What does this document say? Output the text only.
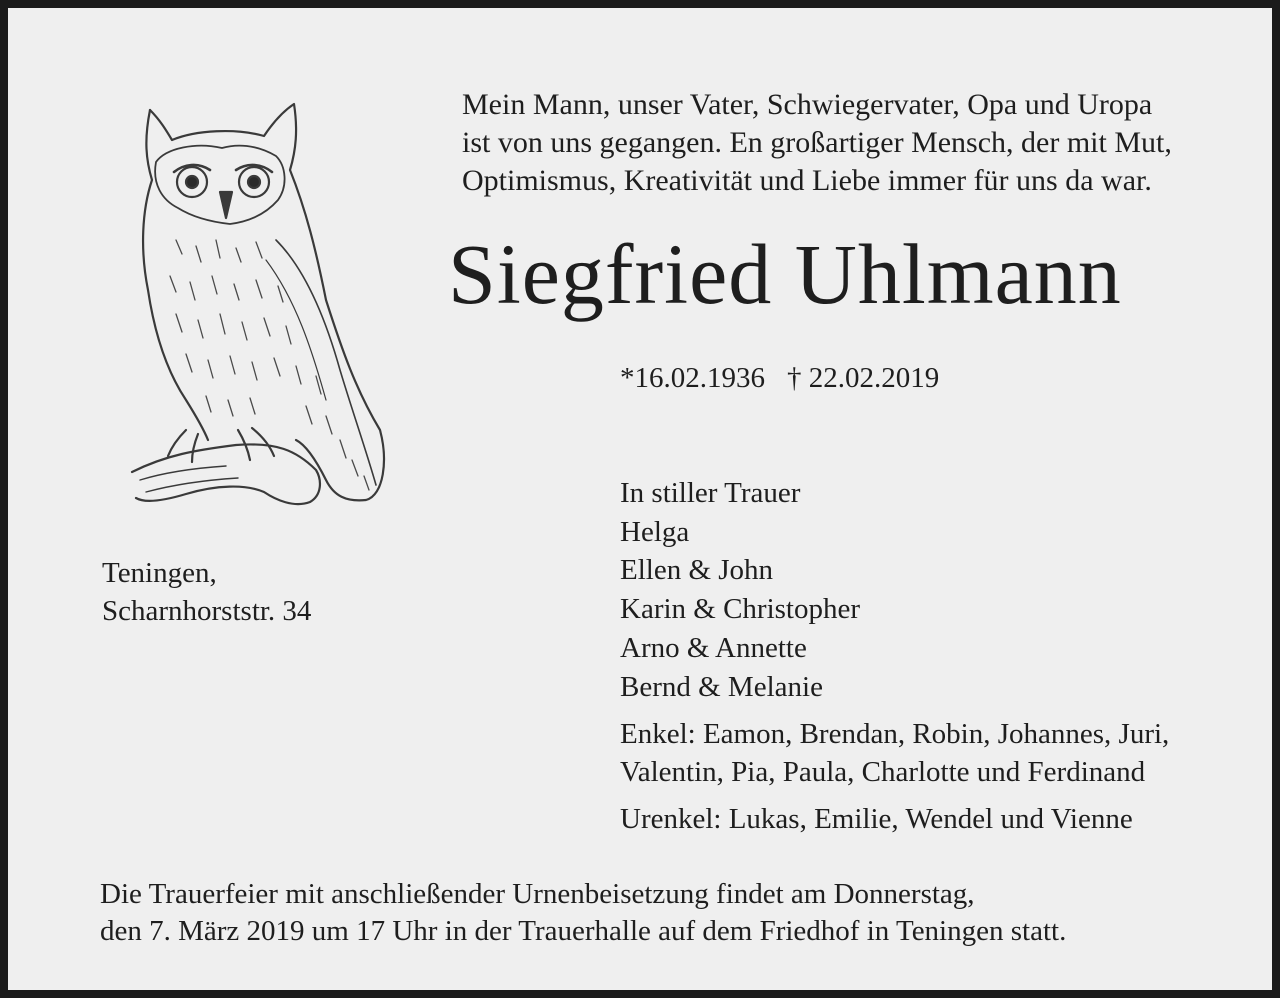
Mein Mann, unser Vater, Schwiegervater, Opa und Uropa
ist von uns gegangen. En großartiger Mensch, der mit Mut,
Optimismus, Kreativität und Liebe immer für uns da war.
Siegfried Uhlmann
*16.02.1936 † 22.02.2019
Teningen,
Scharnhorststr. 34
In stiller Trauer
Helga
Ellen & John
Karin & Christopher
Arno & Annette
Bernd & Melanie
Enkel: Eamon, Brendan, Robin, Johannes, Juri,
Valentin, Pia, Paula, Charlotte und Ferdinand
Urenkel: Lukas, Emilie, Wendel und Vienne
Die Trauerfeier mit anschließender Urnenbeisetzung findet am Donnerstag,
den 7. März 2019 um 17 Uhr in der Trauerhalle auf dem Friedhof in Teningen statt.
